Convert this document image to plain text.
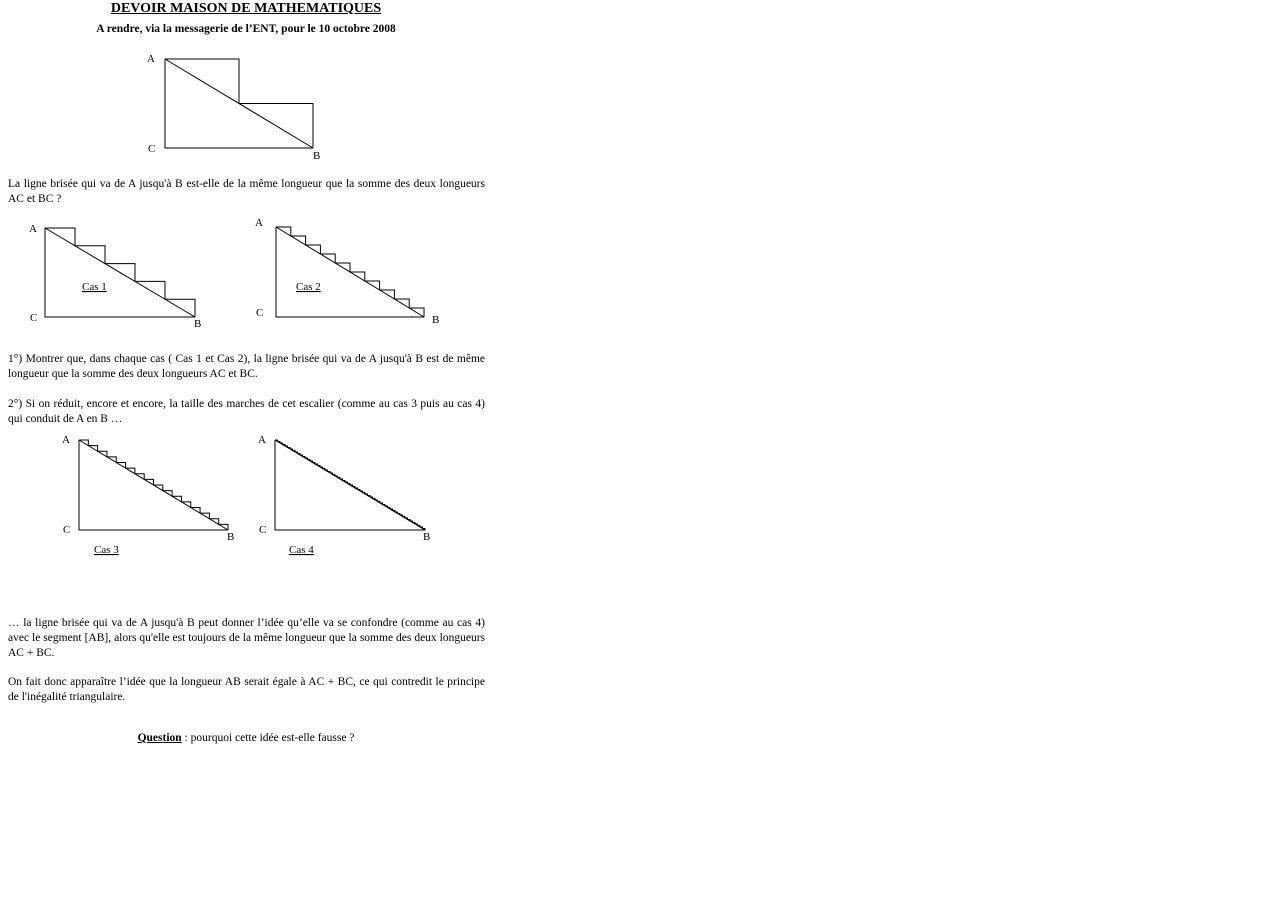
DEVOIR MAISON DE MATHEMATIQUES
A rendre, via la messagerie de l’ENT, pour le 10 octobre 2008
A
C
B
La ligne brisée qui va de A jusqu'à B est-elle de la même longueur que la somme des deux longueurs AC et BC ?
A
C	B
Cas 1
A
C
B
Cas 2
1°) Montrer que, dans chaque cas ( Cas 1 et Cas 2), la ligne brisée qui va de A jusqu'à B est de même longueur que la somme des deux longueurs AC et BC.
2°) Si on réduit, encore et encore, la taille des marches de cet escalier (comme au cas 3 puis au cas 4) qui conduit de A en B …
A
C
B
Cas 3
A
C
B
Cas 4
… la ligne brisée qui va de A jusqu'à B peut donner l’idée qu’elle va se confondre (comme au cas 4) avec le segment [AB], alors qu'elle est toujours de la même longueur que la somme des deux longueurs AC + BC.
On fait donc apparaître l’idée que la longueur AB serait égale à AC + BC, ce qui contredit le principe de l'inégalité triangulaire.
Question : pourquoi cette idée est-elle fausse ?
